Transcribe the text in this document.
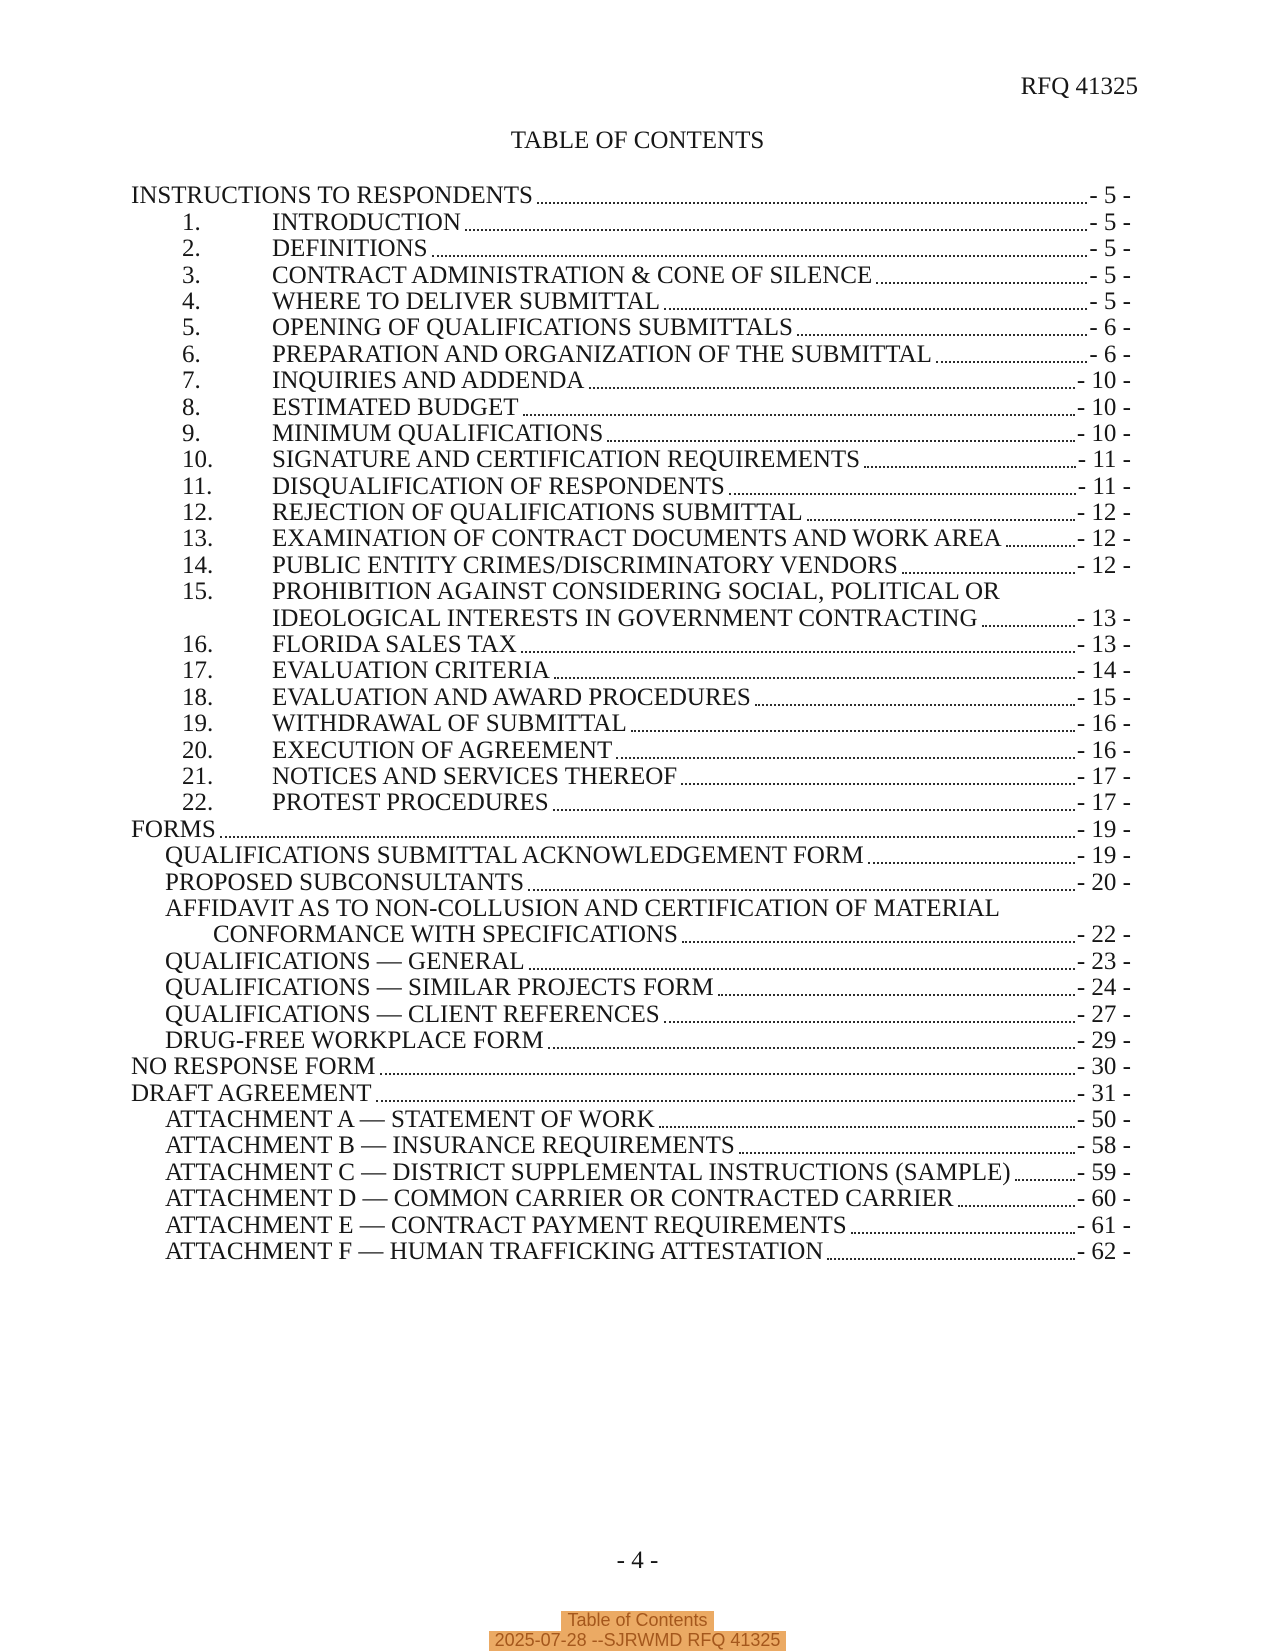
RFQ 41325
TABLE OF CONTENTS
INSTRUCTIONS TO RESPONDENTS	- 5 -
1.	INTRODUCTION	- 5 -
2.	DEFINITIONS	- 5 -
3.	CONTRACT ADMINISTRATION & CONE OF SILENCE	- 5 -
4.	WHERE TO DELIVER SUBMITTAL	- 5 -
5.	OPENING OF QUALIFICATIONS SUBMITTALS	- 6 -
6.	PREPARATION AND ORGANIZATION OF THE SUBMITTAL	- 6 -
7.	INQUIRIES AND ADDENDA	- 10 -
8.	ESTIMATED BUDGET	- 10 -
9.	MINIMUM QUALIFICATIONS	- 10 -
10.	SIGNATURE AND CERTIFICATION REQUIREMENTS	- 11 -
11.	DISQUALIFICATION OF RESPONDENTS	- 11 -
12.	REJECTION OF QUALIFICATIONS SUBMITTAL	- 12 -
13.	EXAMINATION OF CONTRACT DOCUMENTS AND WORK AREA	- 12 -
14.	PUBLIC ENTITY CRIMES/DISCRIMINATORY VENDORS	- 12 -
15.	PROHIBITION AGAINST CONSIDERING SOCIAL, POLITICAL OR
IDEOLOGICAL INTERESTS IN GOVERNMENT CONTRACTING	- 13 -
16.	FLORIDA SALES TAX	- 13 -
17.	EVALUATION CRITERIA	- 14 -
18.	EVALUATION AND AWARD PROCEDURES	- 15 -
19.	WITHDRAWAL OF SUBMITTAL	- 16 -
20.	EXECUTION OF AGREEMENT	- 16 -
21.	NOTICES AND SERVICES THEREOF	- 17 -
22.	PROTEST PROCEDURES	- 17 -
FORMS	- 19 -
QUALIFICATIONS SUBMITTAL ACKNOWLEDGEMENT FORM	- 19 -
PROPOSED SUBCONSULTANTS	- 20 -
AFFIDAVIT AS TO NON-COLLUSION AND CERTIFICATION OF MATERIAL
CONFORMANCE WITH SPECIFICATIONS	- 22 -
QUALIFICATIONS — GENERAL	- 23 -
QUALIFICATIONS — SIMILAR PROJECTS FORM	- 24 -
QUALIFICATIONS — CLIENT REFERENCES	- 27 -
DRUG-FREE WORKPLACE FORM	- 29 -
NO RESPONSE FORM	- 30 -
DRAFT AGREEMENT	- 31 -
ATTACHMENT A — STATEMENT OF WORK	- 50 -
ATTACHMENT B — INSURANCE REQUIREMENTS	- 58 -
ATTACHMENT C — DISTRICT SUPPLEMENTAL INSTRUCTIONS (SAMPLE)	- 59 -
ATTACHMENT D — COMMON CARRIER OR CONTRACTED CARRIER	- 60 -
ATTACHMENT E — CONTRACT PAYMENT REQUIREMENTS	- 61 -
ATTACHMENT F — HUMAN TRAFFICKING ATTESTATION	- 62 -
- 4 -
Table of Contents
2025-07-28 --SJRWMD RFQ 41325
